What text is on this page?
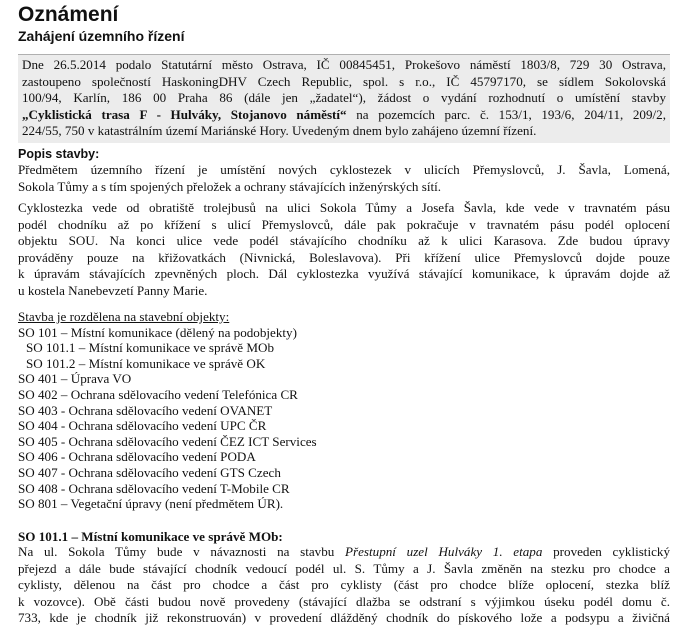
Oznámení
Zahájení územního řízení

Dne 26.5.2014 podalo Statutární město Ostrava, IČ 00845451, Prokešovo náměstí 1803/8, 729 30 Ostrava,
zastoupeno společností HaskoningDHV Czech Republic, spol. s r.o., IČ 45797170, se sídlem Sokolovská
100/94, Karlín, 186 00 Praha 86 (dále jen „žadatel“), žádost o vydání rozhodnutí o umístění stavby
„Cyklistická trasa F - Hulváky, Stojanovo náměstí“ na pozemcích parc. č. 153/1, 193/6, 204/11, 209/2,
224/55, 750 v katastrálním území Mariánské Hory. Uvedeným dnem bylo zahájeno územní řízení.

Popis stavby:

Předmětem územního řízení je umístění nových cyklostezek v ulicích Přemyslovců, J. Šavla, Lomená,
Sokola Tůmy a s tím spojených přeložek a ochrany stávajících inženýrských sítí.

Cyklostezka vede od obratiště trolejbusů na ulici Sokola Tůmy a Josefa Šavla, kde vede v travnatém pásu
podél chodníku až po křížení s ulicí Přemyslovců, dále pak pokračuje v travnatém pásu podél oplocení
objektu SOU. Na konci ulice vede podél stávajícího chodníku až k ulici Karasova. Zde budou úpravy
prováděny pouze na křižovatkách (Nivnická, Boleslavova). Při křížení ulice Přemyslovců dojde pouze
k úpravám stávajících zpevněných ploch. Dál cyklostezka využívá stávající komunikace, k úpravám dojde až
u kostela Nanebevzetí Panny Marie.

Stavba je rozdělena na stavební objekty:
SO 101 – Místní komunikace (dělený na podobjekty)
SO 101.1 – Místní komunikace ve správě MOb
SO 101.2 – Místní komunikace ve správě OK
SO 401 – Úprava VO
SO 402 – Ochrana sdělovacího vedení Telefónica CR
SO 403 - Ochrana sdělovacího vedení OVANET
SO 404 - Ochrana sdělovacího vedení UPC ČR
SO 405 - Ochrana sdělovacího vedení ČEZ ICT Services
SO 406 - Ochrana sdělovacího vedení PODA
SO 407 - Ochrana sdělovacího vedení GTS Czech
SO 408 - Ochrana sdělovacího vedení T-Mobile CR
SO 801 – Vegetační úpravy (není předmětem ÚR).
SO 101.1 – Místní komunikace ve správě MOb:

Na ul. Sokola Tůmy bude v návaznosti na stavbu Přestupní uzel Hulváky 1. etapa proveden cyklistický
přejezd a dále bude stávající chodník vedoucí podél ul. S. Tůmy a J. Šavla změněn na stezku pro chodce a
cyklisty, dělenou na část pro chodce a část pro cyklisty (část pro chodce blíže oplocení, stezka blíž
k vozovce). Obě části budou nově provedeny (stávající dlažba se odstraní s výjimkou úseku podél domu č.
733, kde je chodník již rekonstruován) v provedení dlážděný chodník do pískového lože a podsypu a živičná
